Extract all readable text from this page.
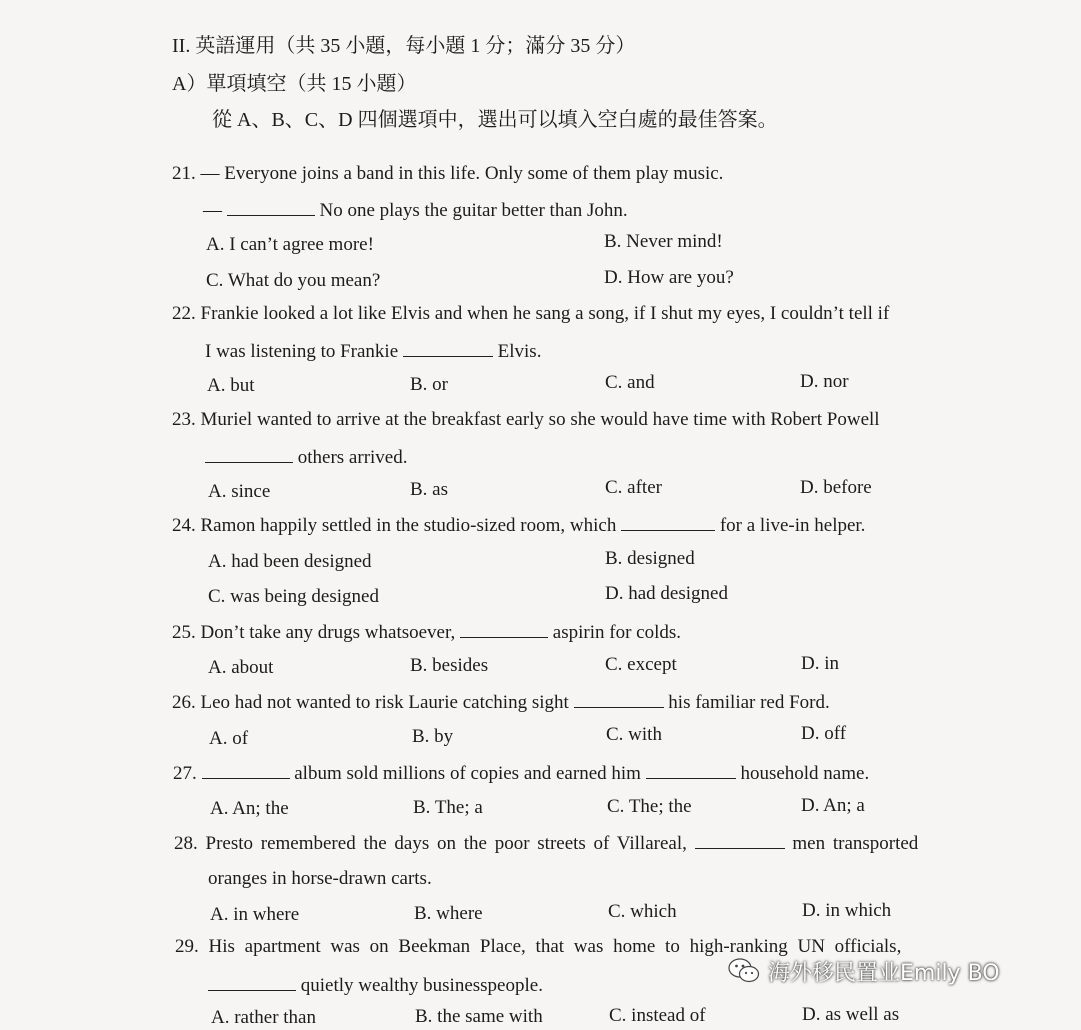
II. 英語運用（共 35 小題，每小題 1 分；滿分 35 分）
A）單項填空（共 15 小題）
從 A、B、C、D 四個選項中，選出可以填入空白處的最佳答案。
21. — Everyone joins a band in this life. Only some of them play music.
—	No one plays the guitar better than John.
A. I can’t agree more!	B. Never mind!
C. What do you mean?	D. How are you?
22. Frankie looked a lot like Elvis and when he sang a song, if I shut my eyes, I couldn’t tell if
I was listening to Frankie	Elvis.
A. but	B. or	C. and	D. nor
23. Muriel wanted to arrive at the breakfast early so she would have time with Robert Powell
others arrived.
A. since	B. as	C. after	D. before
24. Ramon happily settled in the studio-sized room, which	for a live-in helper.
A. had been designed	B. designed
C. was being designed	D. had designed
25. Don’t take any drugs whatsoever,	aspirin for colds.
A. about	B. besides	C. except	D. in
26. Leo had not wanted to risk Laurie catching sight	his familiar red Ford.
A. of	B. by	C. with	D. off
27.	album sold millions of copies and earned him	household name.
A. An; the	B. The; a	C. The; the	D. An; a
28. Presto remembered the days on the poor streets of Villareal,	men transported
oranges in horse-drawn carts.
A. in where	B. where	C. which	D. in which
29. His apartment was on Beekman Place, that was home to high-ranking UN officials,
quietly wealthy businesspeople.
A. rather than	B. the same with	C. instead of	D. as well as
海外移民置业Emily BO
